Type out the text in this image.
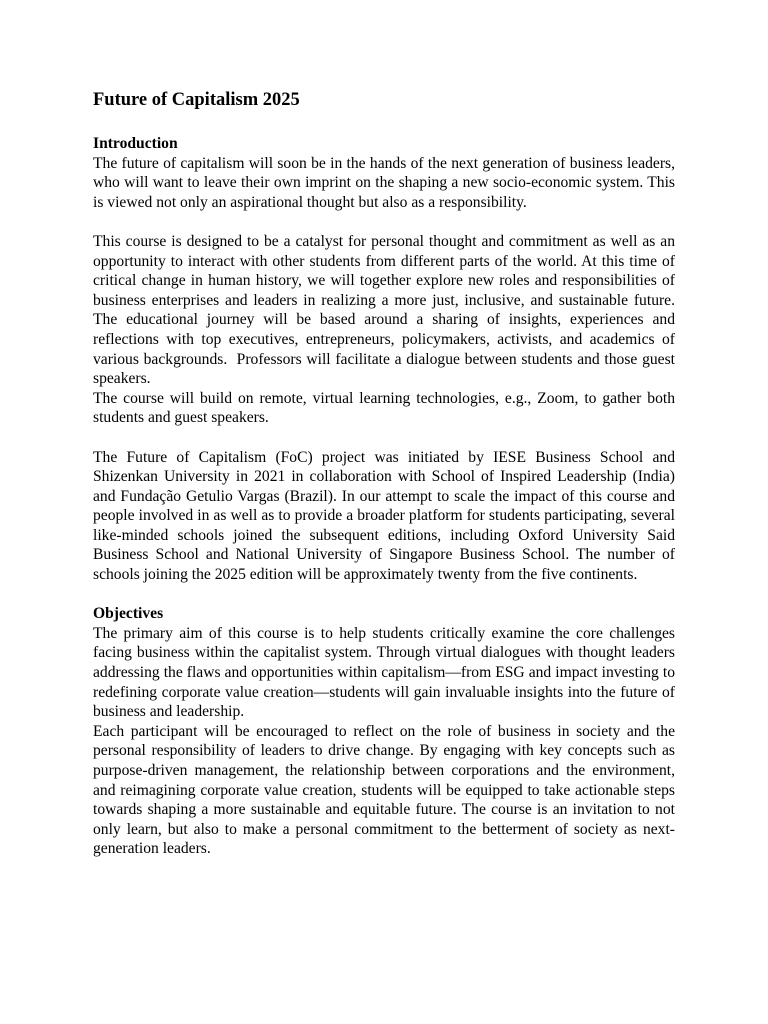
Future of Capitalism 2025
Introduction

The future of capitalism will soon be in the hands of the next generation of business leaders, who will want to leave their own imprint on the shaping a new socio-economic system. This is viewed not only an aspirational thought but also as a responsibility.

This course is designed to be a catalyst for personal thought and commitment as well as an opportunity to interact with other students from different parts of the world. At this time of critical change in human history, we will together explore new roles and responsibilities of business enterprises and leaders in realizing a more just, inclusive, and sustainable future.  The educational journey will be based around a sharing of insights, experiences and reflections with top executives, entrepreneurs, policymakers, activists, and academics of various backgrounds.  Professors will facilitate a dialogue between students and those guest speakers.

The course will build on remote, virtual learning technologies, e.g., Zoom, to gather both students and guest speakers.

The Future of Capitalism (FoC) project was initiated by IESE Business School and Shizenkan University in 2021 in collaboration with School of Inspired Leadership (India) and Fundação Getulio Vargas (Brazil). In our attempt to scale the impact of this course and people involved in as well as to provide a broader platform for students participating, several like-minded schools joined the subsequent editions, including Oxford University Said Business School and National University of Singapore Business School. The number of schools joining the 2025 edition will be approximately twenty from the five continents.

Objectives

The primary aim of this course is to help students critically examine the core challenges facing business within the capitalist system. Through virtual dialogues with thought leaders addressing the flaws and opportunities within capitalism—from ESG and impact investing to redefining corporate value creation—students will gain invaluable insights into the future of business and leadership.

Each participant will be encouraged to reflect on the role of business in society and the personal responsibility of leaders to drive change. By engaging with key concepts such as purpose-driven management, the relationship between corporations and the environment, and reimagining corporate value creation, students will be equipped to take actionable steps towards shaping a more sustainable and equitable future. The course is an invitation to not only learn, but also to make a personal commitment to the betterment of society as next-generation leaders.
